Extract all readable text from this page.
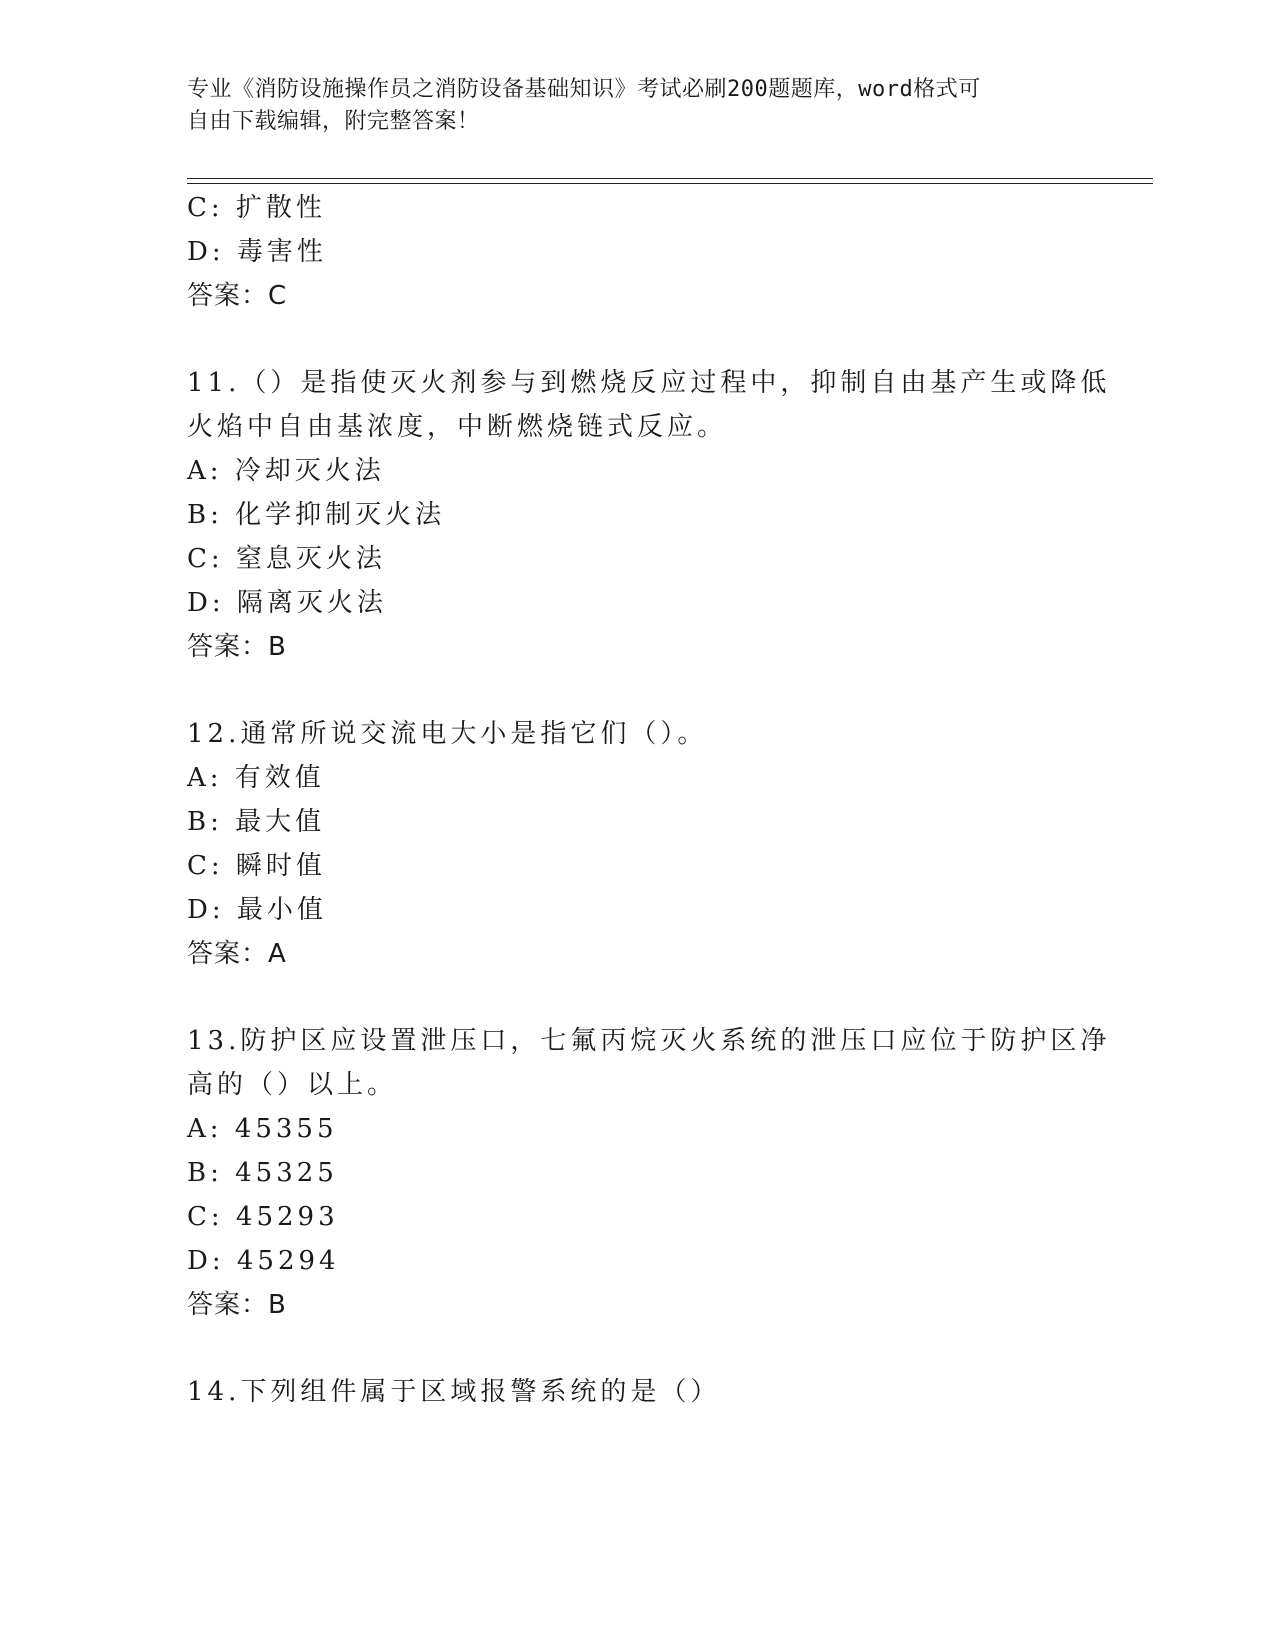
专业《消防设施操作员之消防设备基础知识》考试必刷200题题库，word格式可
自由下载编辑，附完整答案！
C: 扩散性
D: 毒害性
答案：C
11.（）是指使灭火剂参与到燃烧反应过程中，抑制自由基产生或降低
火焰中自由基浓度，中断燃烧链式反应。
A: 冷却灭火法
B: 化学抑制灭火法
C: 窒息灭火法
D: 隔离灭火法
答案：B
12.通常所说交流电大小是指它们（）。
A: 有效值
B: 最大值
C: 瞬时值
D: 最小值
答案：A
13.防护区应设置泄压口，七氟丙烷灭火系统的泄压口应位于防护区净
高的（）以上。
A: 45355
B: 45325
C: 45293
D: 45294
答案：B
14.下列组件属于区域报警系统的是（）
